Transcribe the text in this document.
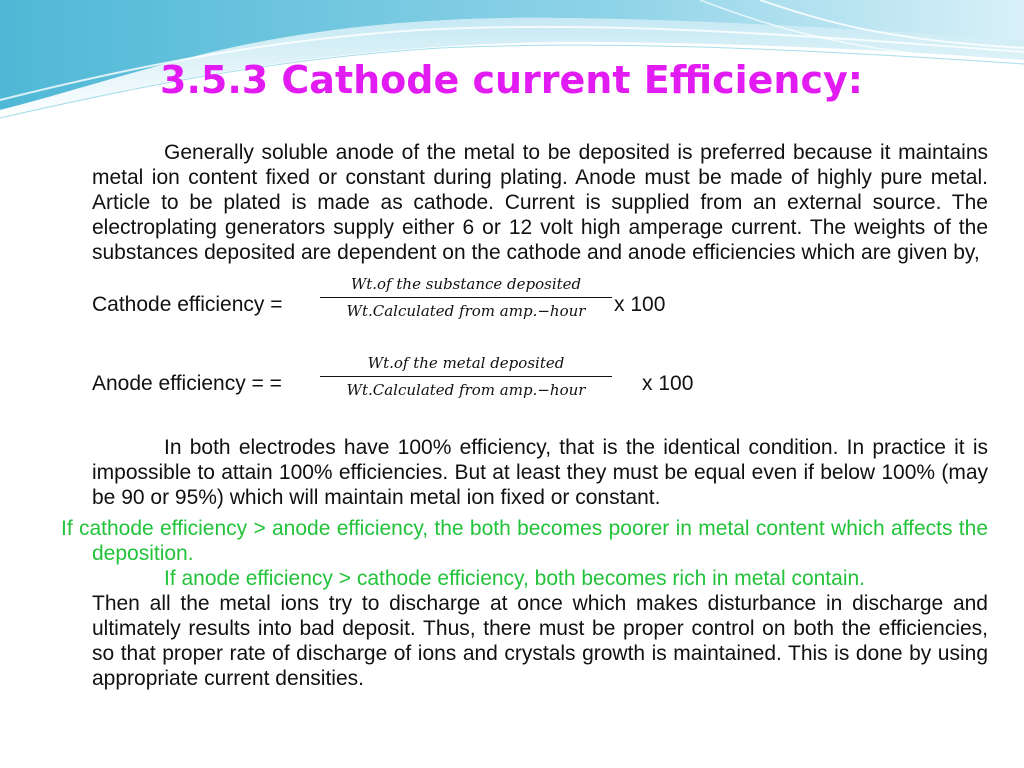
3.5.3 Cathode current Efficiency:

Generally soluble anode of the metal to be deposited is preferred because it maintains metal ion content fixed or constant during plating. Anode must be made of highly pure metal. Article to be plated is made as cathode. Current is supplied from an external source. The electroplating generators supply either 6 or 12 volt high amperage current. The weights of the substances deposited are dependent on the cathode and anode efficiencies which are given by,

Cathode efficiency =
Wt.of the substance deposited
Wt.Calculated from amp.−hour	x 100
Anode efficiency = =
Wt.of the metal deposited
Wt.Calculated from amp.−hour	x 100

In both electrodes have 100% efficiency, that is the identical condition. In practice it is impossible to attain 100% efficiencies. But at least they must be equal even if below 100% (may be 90 or 95%) which will maintain metal ion fixed or constant.

If cathode efficiency > anode efficiency, the both becomes poorer in metal content which affects the deposition.

If anode efficiency > cathode efficiency, both becomes rich in metal contain.

Then all the metal ions try to discharge at once which makes disturbance in discharge and ultimately results into bad deposit. Thus, there must be proper control on both the efficiencies, so that proper rate of discharge of ions and crystals growth is maintained. This is done by using appropriate current densities.
